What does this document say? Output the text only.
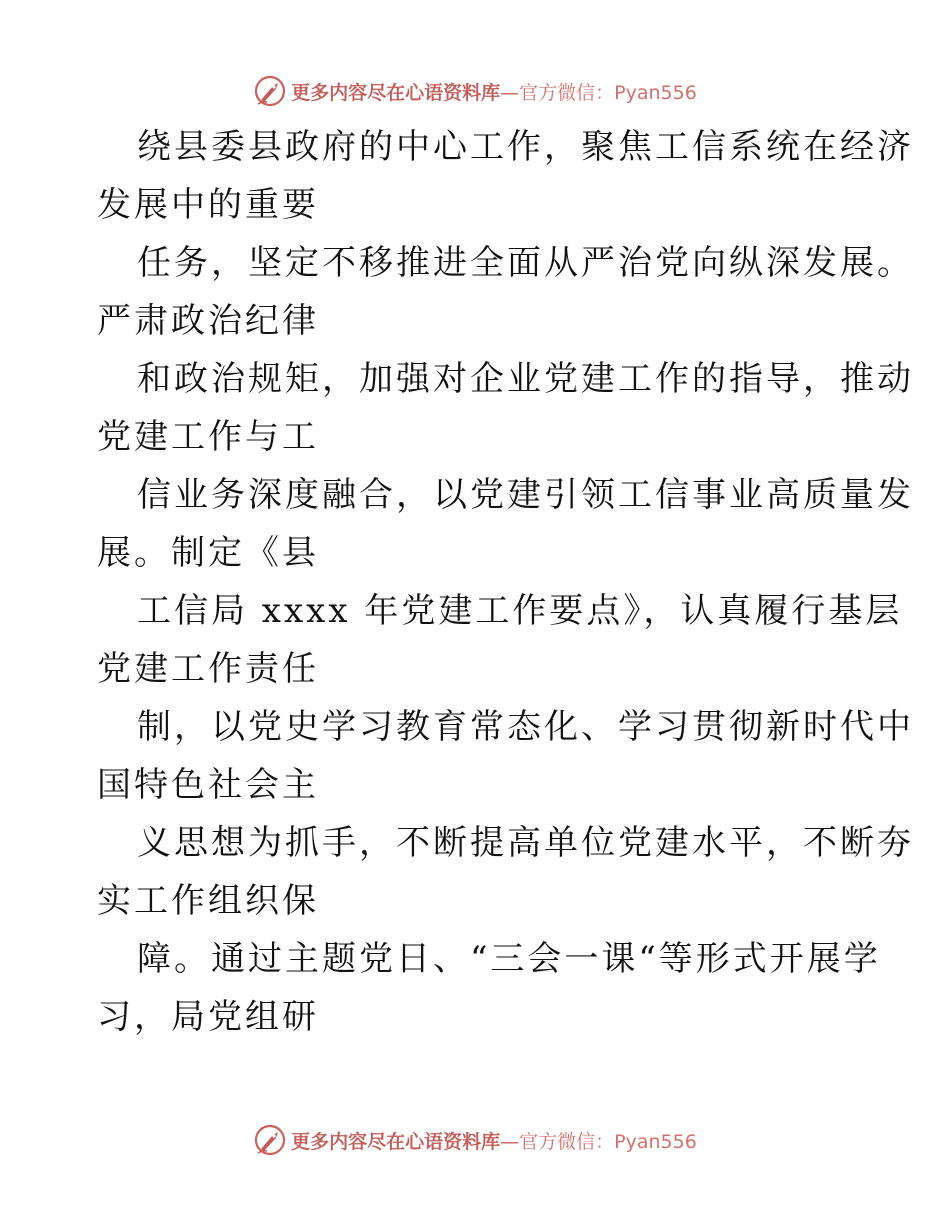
更多内容尽在心语资料库—官方微信：Pyan556
绕县委县政府的中心工作，聚焦工信系统在经济
发展中的重要
任务，坚定不移推进全面从严治党向纵深发展。
严肃政治纪律
和政治规矩，加强对企业党建工作的指导，推动
党建工作与工
信业务深度融合，以党建引领工信事业高质量发
展。制定《县
工信局 xxxx 年党建工作要点》，认真履行基层
党建工作责任
制，以党史学习教育常态化、学习贯彻新时代中
国特色社会主
义思想为抓手，不断提高单位党建水平，不断夯
实工作组织保
障。通过主题党日、“三会一课“等形式开展学
习，局党组研
更多内容尽在心语资料库—官方微信：Pyan556
